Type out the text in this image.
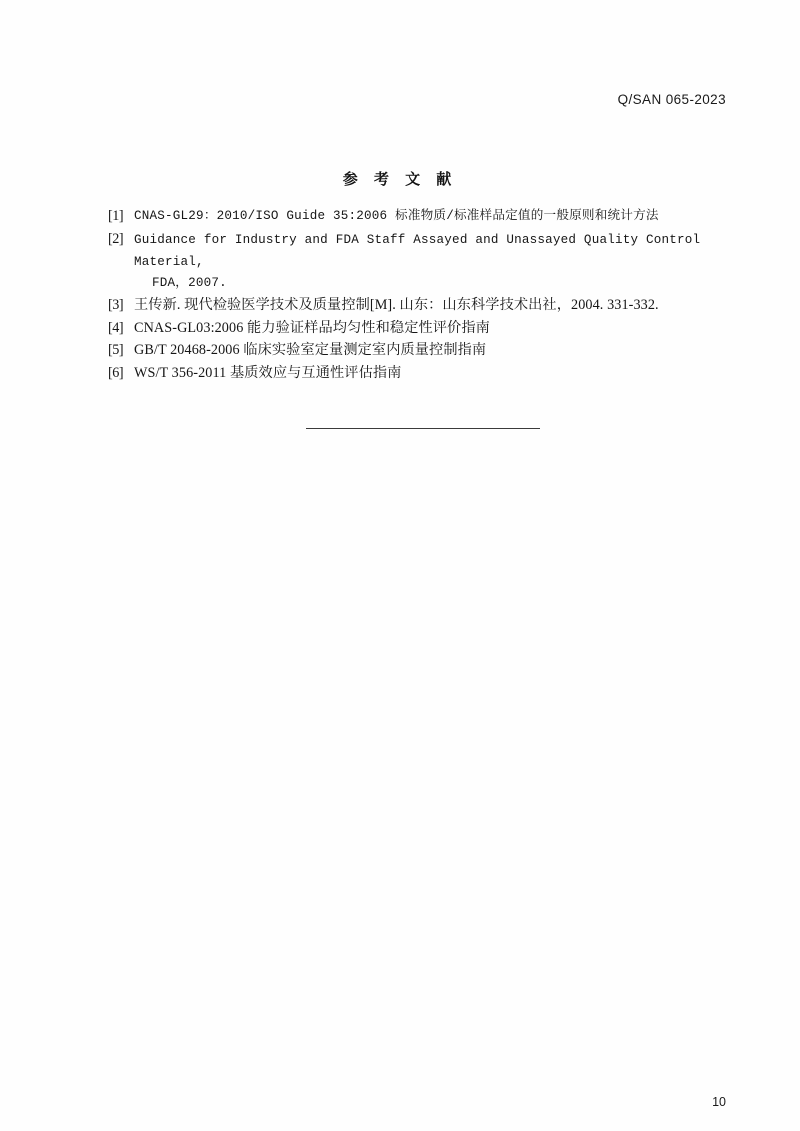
Q/SAN 065-2023
参 考 文 献
[1] CNAS-GL29：2010/ISO Guide 35:2006 标准物质/标准样品定值的一般原则和统计方法
[2] Guidance for Industry and FDA Staff Assayed and Unassayed Quality Control Material,
FDA，2007.
[3] 王传新. 现代检验医学技术及质量控制[M]. 山东：山东科学技术出社，2004. 331-332.
[4] CNAS-GL03:2006 能力验证样品均匀性和稳定性评价指南
[5] GB/T 20468-2006 临床实验室定量测定室内质量控制指南
[6] WS/T 356-2011 基质效应与互通性评估指南
10
